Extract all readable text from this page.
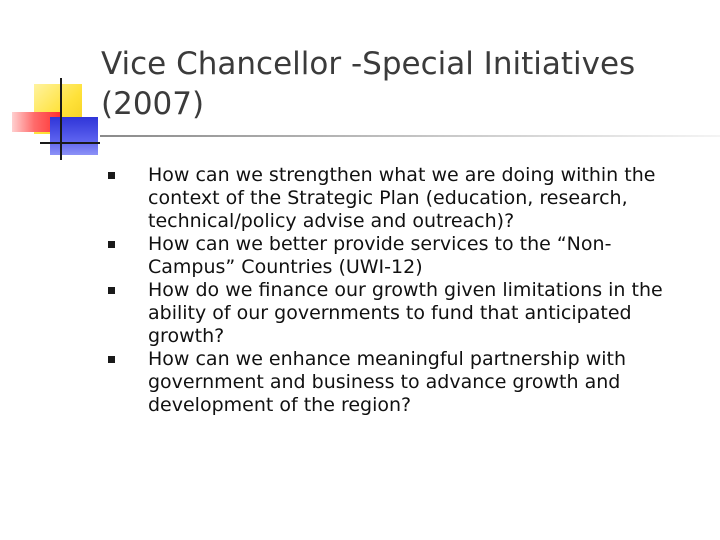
Vice Chancellor -Special Initiatives
(2007)
How can we strengthen what we are doing within the context of the Strategic Plan (education, research, technical/policy advise and outreach)?
How can we better provide services to the “Non-Campus” Countries (UWI-12)
How do we finance our growth given limitations in the ability of our governments to fund that anticipated growth?
How can we enhance meaningful partnership with government and business to advance growth and development of the region?
